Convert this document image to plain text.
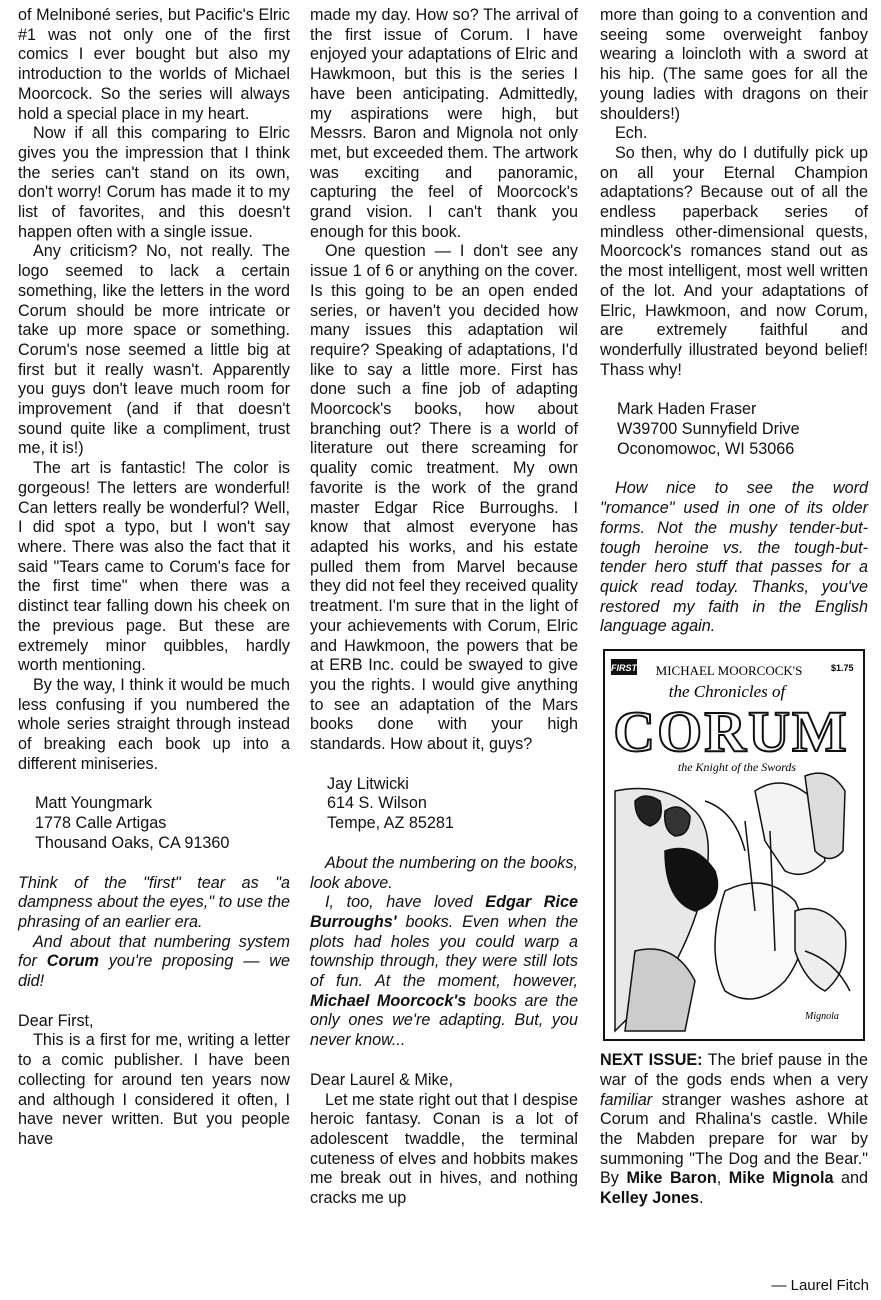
of Melniboné series, but Pacific's Elric #1 was not only one of the first comics I ever bought but also my introduction to the worlds of Michael Moorcock. So the series will always hold a special place in my heart.

Now if all this comparing to Elric gives you the impression that I think the series can't stand on its own, don't worry! Corum has made it to my list of favorites, and this doesn't happen often with a single issue.

Any criticism? No, not really. The logo seemed to lack a certain something, like the letters in the word Corum should be more intricate or take up more space or something. Corum's nose seemed a little big at first but it really wasn't. Apparently you guys don't leave much room for improvement (and if that doesn't sound quite like a compliment, trust me, it is!)

The art is fantastic! The color is gorgeous! The letters are wonderful! Can letters really be wonderful? Well, I did spot a typo, but I won't say where. There was also the fact that it said "Tears came to Corum's face for the first time" when there was a distinct tear falling down his cheek on the previous page. But these are extremely minor quibbles, hardly worth mentioning.

By the way, I think it would be much less confusing if you numbered the whole series straight through instead of breaking each book up into a different miniseries.

Matt Youngmark
1778 Calle Artigas
Thousand Oaks, CA 91360

Think of the "first" tear as "a dampness about the eyes," to use the phrasing of an earlier era.

And about that numbering system for Corum you're proposing — we did!

Dear First,

This is a first for me, writing a letter to a comic publisher. I have been collecting for around ten years now and although I considered it often, I have never written. But you people have

made my day. How so? The arrival of the first issue of Corum. I have enjoyed your adaptations of Elric and Hawkmoon, but this is the series I have been anticipating. Admittedly, my aspirations were high, but Messrs. Baron and Mignola not only met, but exceeded them. The artwork was exciting and panoramic, capturing the feel of Moorcock's grand vision. I can't thank you enough for this book.

One question — I don't see any issue 1 of 6 or anything on the cover. Is this going to be an open ended series, or haven't you decided how many issues this adaptation wil require? Speaking of adaptations, I'd like to say a little more. First has done such a fine job of adapting Moorcock's books, how about branching out? There is a world of literature out there screaming for quality comic treatment. My own favorite is the work of the grand master Edgar Rice Burroughs. I know that almost everyone has adapted his works, and his estate pulled them from Marvel because they did not feel they received quality treatment. I'm sure that in the light of your achievements with Corum, Elric and Hawkmoon, the powers that be at ERB Inc. could be swayed to give you the rights. I would give anything to see an adaptation of the Mars books done with your high standards. How about it, guys?

Jay Litwicki
614 S. Wilson
Tempe, AZ 85281

About the numbering on the books, look above.

I, too, have loved Edgar Rice Burroughs' books. Even when the plots had holes you could warp a township through, they were still lots of fun. At the moment, however, Michael Moorcock's books are the only ones we're adapting. But, you never know...

Dear Laurel & Mike,

Let me state right out that I despise heroic fantasy. Conan is a lot of adolescent twaddle, the terminal cuteness of elves and hobbits makes me break out in hives, and nothing cracks me up

more than going to a convention and seeing some overweight fanboy wearing a loincloth with a sword at his hip. (The same goes for all the young ladies with dragons on their shoulders!)

Ech.

So then, why do I dutifully pick up on all your Eternal Champion adaptations? Because out of all the endless paperback series of mindless other-dimensional quests, Moorcock's romances stand out as the most intelligent, most well written of the lot. And your adaptations of Elric, Hawkmoon, and now Corum, are extremely faithful and wonderfully illustrated beyond belief! Thass why!

Mark Haden Fraser
W39700 Sunnyfield Drive
Oconomowoc, WI 53066

How nice to see the word "romance" used in one of its older forms. Not the mushy tender-but-tough heroine vs. the tough-but-tender hero stuff that passes for a quick read today. Thanks, you've restored my faith in the English language again.

FIRST MICHAEL MOORCOCK'S	$1.75
the Chronicles of
CORUM
the Knight of the Swords
Mignola

NEXT ISSUE: The brief pause in the war of the gods ends when a very familiar stranger washes ashore at Corum and Rhalina's castle. While the Mabden prepare for war by summoning "The Dog and the Bear." By Mike Baron, Mike Mignola and Kelley Jones.

— Laurel Fitch
